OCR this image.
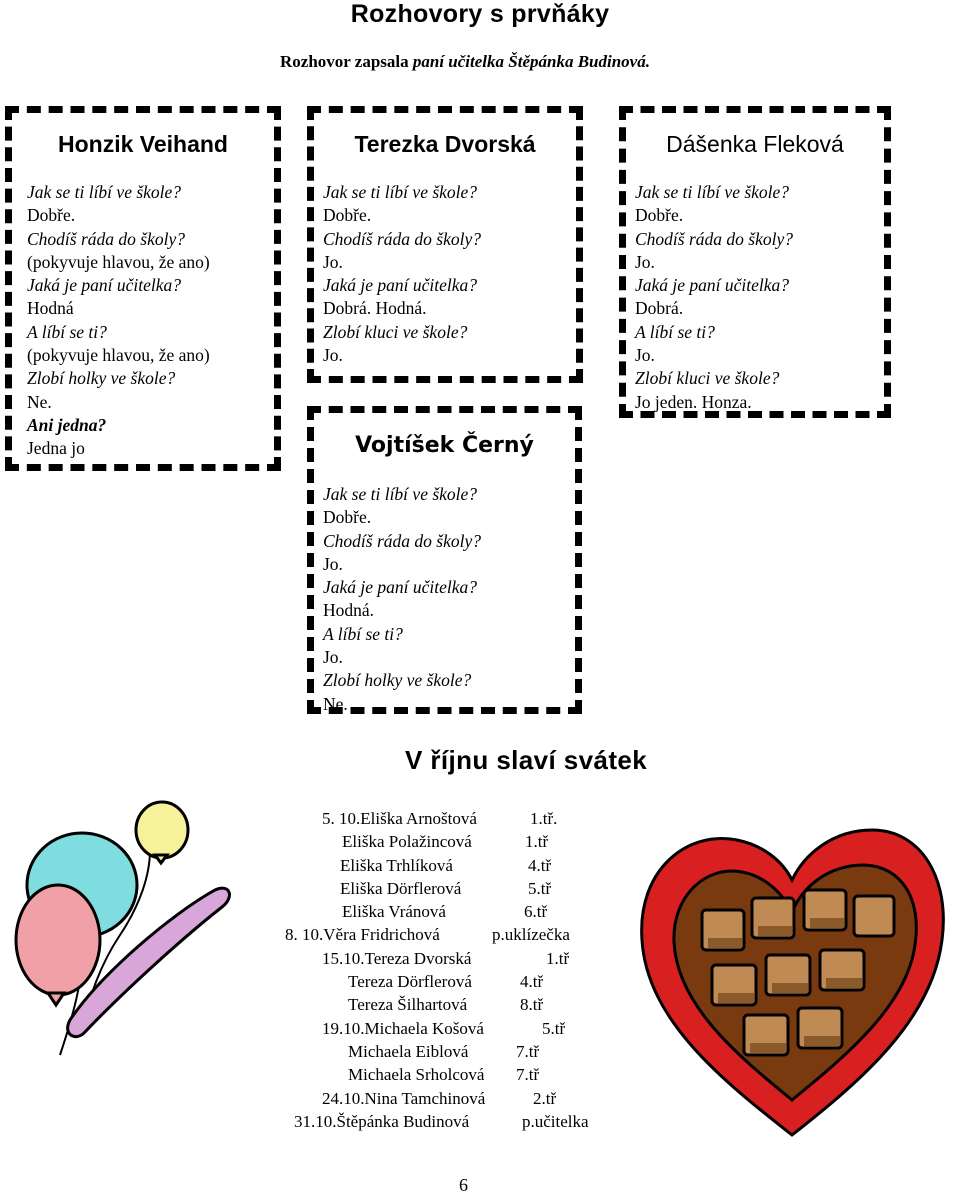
Rozhovory s prvňáky
Rozhovor zapsala paní učitelka Štěpánka Budinová.
Honzik Veihand
Jak se ti líbí ve škole?
Dobře.
Chodíš ráda do školy?
(pokyvuje hlavou, že ano)
Jaká je paní učitelka?
Hodná
A líbí se ti?
(pokyvuje hlavou, že ano)
Zlobí holky ve škole?
Ne.
Ani jedna?
Jedna jo
Terezka Dvorská
Jak se ti líbí ve škole?
Dobře.
Chodíš ráda do školy?
Jo.
Jaká je paní učitelka?
Dobrá. Hodná.
Zlobí kluci ve škole?
Jo.
Dášenka Fleková
Jak se ti líbí ve škole?
Dobře.
Chodíš ráda do školy?
Jo.
Jaká je paní učitelka?
Dobrá.
A líbí se ti?
Jo.
Zlobí kluci ve škole?
Jo jeden. Honza.
Vojtíšek Černý
Jak se ti líbí ve škole?
Dobře.
Chodíš ráda do školy?
Jo.
Jaká je paní učitelka?
Hodná.
A líbí se ti?
Jo.
Zlobí holky ve škole?
Ne.
V říjnu slaví svátek
5. 10.Eliška Arnoštová	1.tř.
Eliška Polažincová	1.tř
Eliška Trhlíková	4.tř
Eliška Dörflerová	5.tř
Eliška Vránová	6.tř
8. 10.Věra Fridrichová	p.uklízečka
15.10.Tereza Dvorská	1.tř
Tereza Dörflerová	4.tř
Tereza Šilhartová	8.tř
19.10.Michaela Košová	5.tř
Michaela Eiblová	7.tř
Michaela Srholcová 7.tř
24.10.Nina Tamchinová	2.tř
31.10.Štěpánka Budinová	p.učitelka
6
